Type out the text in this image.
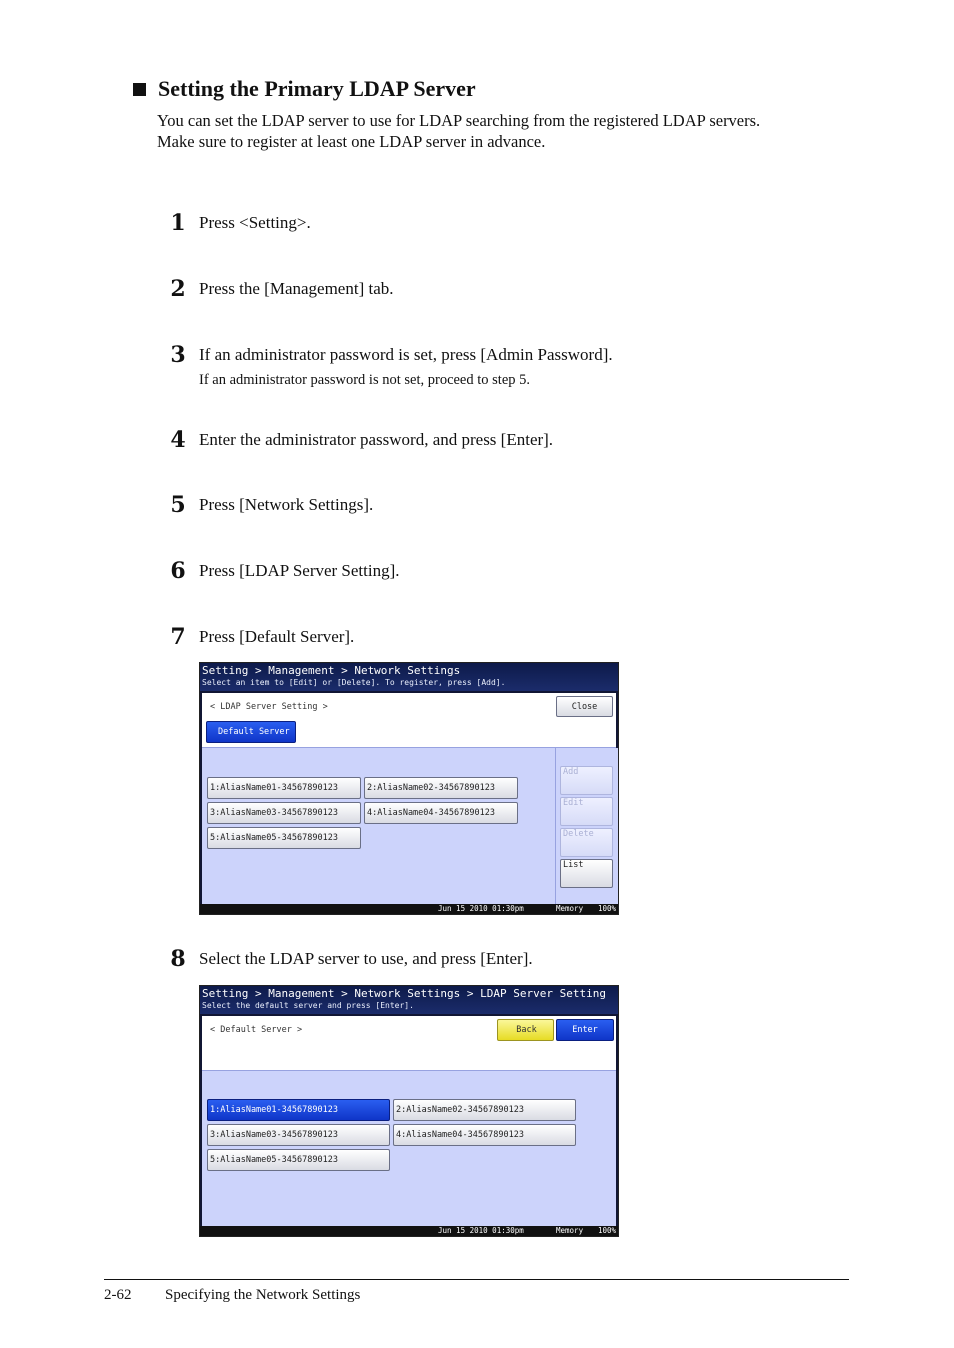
Setting the Primary LDAP Server
You can set the LDAP server to use for LDAP searching from the registered LDAP servers.
Make sure to register at least one LDAP server in advance.
1 Press <Setting>.
2 Press the [Management] tab.
3 If an administrator password is set, press [Admin Password].
If an administrator password is not set, proceed to step 5.
4 Enter the administrator password, and press [Enter].
5 Press [Network Settings].
6 Press [LDAP Server Setting].
7 Press [Default Server].
Setting > Management > Network Settings
Select an item to [Edit] or [Delete]. To register, press [Add].
< LDAP Server Setting >	Close
Default Server
1:AliasName01-34567890123	2:AliasName02-34567890123
3:AliasName03-34567890123	4:AliasName04-34567890123
5:AliasName05-34567890123
Add
Edit
Delete
List
Jun 15 2010 01:30pm	Memory 100%
8 Select the LDAP server to use, and press [Enter].
Setting > Management > Network Settings > LDAP Server Setting
Select the default server and press [Enter].
< Default Server >	Back	Enter
1:AliasName01-34567890123	2:AliasName02-34567890123
3:AliasName03-34567890123	4:AliasName04-34567890123
5:AliasName05-34567890123
Jun 15 2010 01:30pm	Memory 100%
2-62 Specifying the Network Settings
